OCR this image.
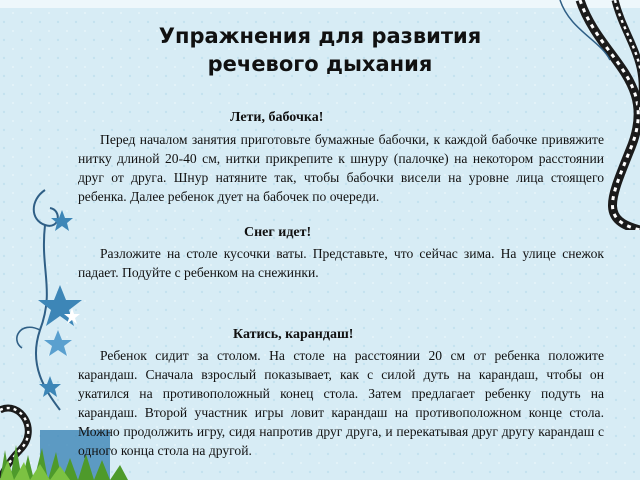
Упражнения для развития
речевого дыхания
Лети, бабочка!
Перед началом занятия приготовьте бумажные бабочки, к каждой бабочке привяжите нитку длиной 20-40 см, нитки прикрепите к шнуру (палочке) на некотором расстоянии друг от друга. Шнур натяните так, чтобы бабочки висели на уровне лица стоящего ребенка. Далее ребенок дует на бабочек по очереди.
Снег идет!
Разложите на столе кусочки ваты. Представьте, что сейчас зима. На улице снежок падает. Подуйте с ребенком на снежинки.
Катись, карандаш!
Ребенок сидит за столом. На столе на расстоянии 20 см от ребенка положите карандаш. Сначала взрослый показывает, как с силой дуть на карандаш, чтобы он укатился на противоположный конец стола. Затем предлагает ребенку подуть на карандаш. Второй участник игры ловит карандаш на противоположном конце стола. Можно продолжить игру, сидя напротив друг друга, и перекатывая друг другу карандаш с одного конца стола на другой.
